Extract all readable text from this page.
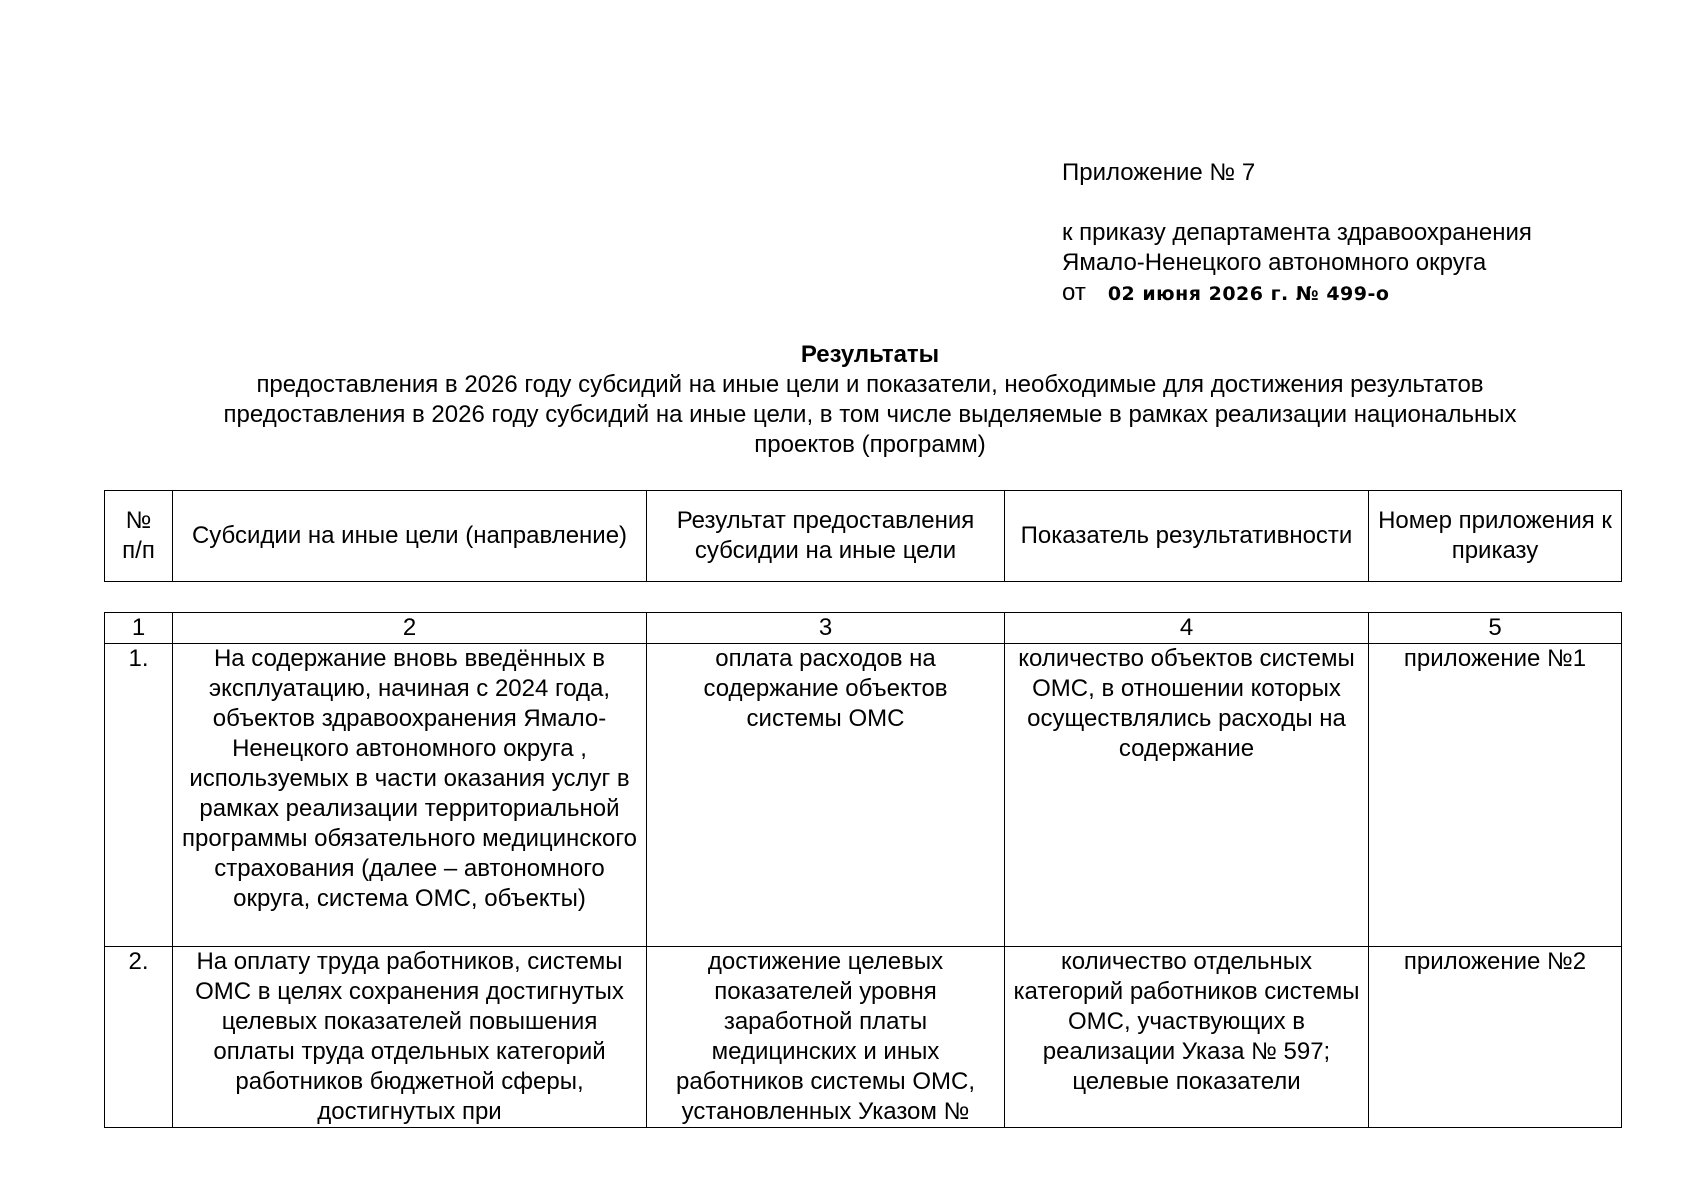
Приложение № 7
к приказу департамента здравоохранения
Ямало-Ненецкого автономного округа
от 02 июня 2026 г. № 499-о
Результаты
предоставления в 2026 году субсидий на иные цели и показатели, необходимые для достижения результатов предоставления в 2026 году субсидий на иные цели, в том числе выделяемые в рамках реализации национальных проектов (программ)
№ п/п	Субсидии на иные цели (направление)	Результат предоставления субсидии на иные цели	Показатель результативности	Номер приложения к приказу
1	2	3	4	5
1.	На содержание вновь введённых в эксплуатацию, начиная с 2024 года, объектов здравоохранения Ямало-Ненецкого автономного округа , используемых в части оказания услуг в рамках реализации территориальной программы обязательного медицинского страхования (далее – автономного округа, система ОМС, объекты)	оплата расходов на содержание объектов системы ОМС	количество объектов системы ОМС, в отношении которых осуществлялись расходы на содержание	приложение №1
2.	На оплату труда работников, системы ОМС в целях сохранения достигнутых целевых показателей повышения оплаты труда отдельных категорий работников бюджетной сферы, достигнутых при	достижение целевых показателей уровня заработной платы медицинских и иных работников системы ОМС, установленных Указом №	количество отдельных категорий работников системы ОМС, участвующих в реализации Указа № 597; целевые показатели	приложение №2
